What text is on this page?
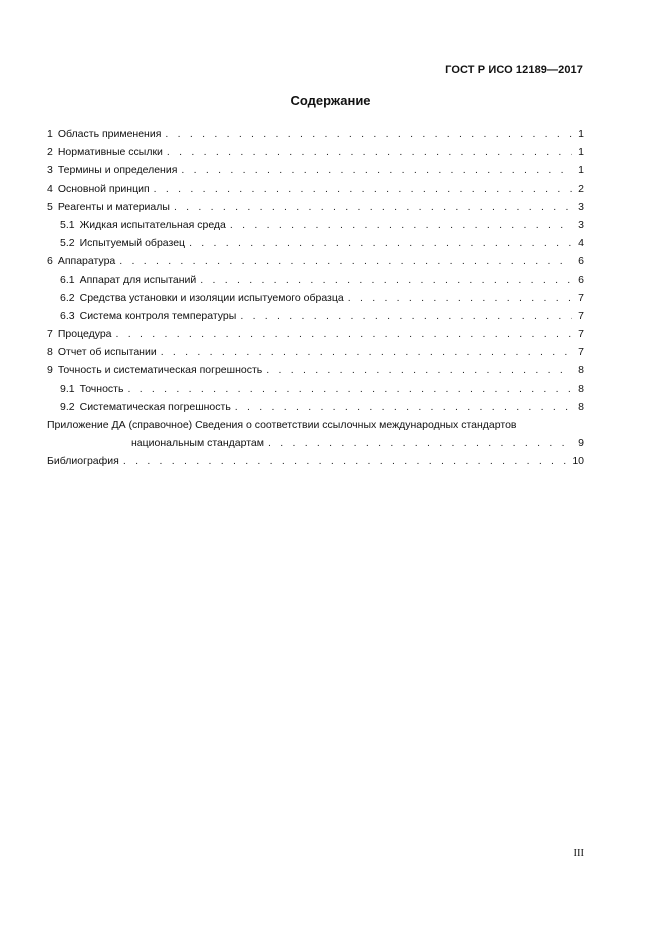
ГОСТ Р ИСО 12189—2017
Содержание
1 Область применения . . .	1
2 Нормативные ссылки . . .	1
3 Термины и определения . . .	1
4 Основной принцип . . .	2
5 Реагенты и материалы . . .	3
5.1 Жидкая испытательная среда . . .	3
5.2 Испытуемый образец . . .	4
6 Аппаратура . . .	6
6.1 Аппарат для испытаний . . .	6
6.2 Средства установки и изоляции испытуемого образца . . .	7
6.3 Система контроля температуры . . .	7
7 Процедура . . .	7
8 Отчет об испытании . . .	7
9 Точность и систематическая погрешность . . .	8
9.1 Точность . . .	8
9.2 Систематическая погрешность . . .	8
Приложение ДА (справочное) Сведения о соответствии ссылочных международных стандартов
национальным стандартам . . .	9
Библиография . . .	10
III
